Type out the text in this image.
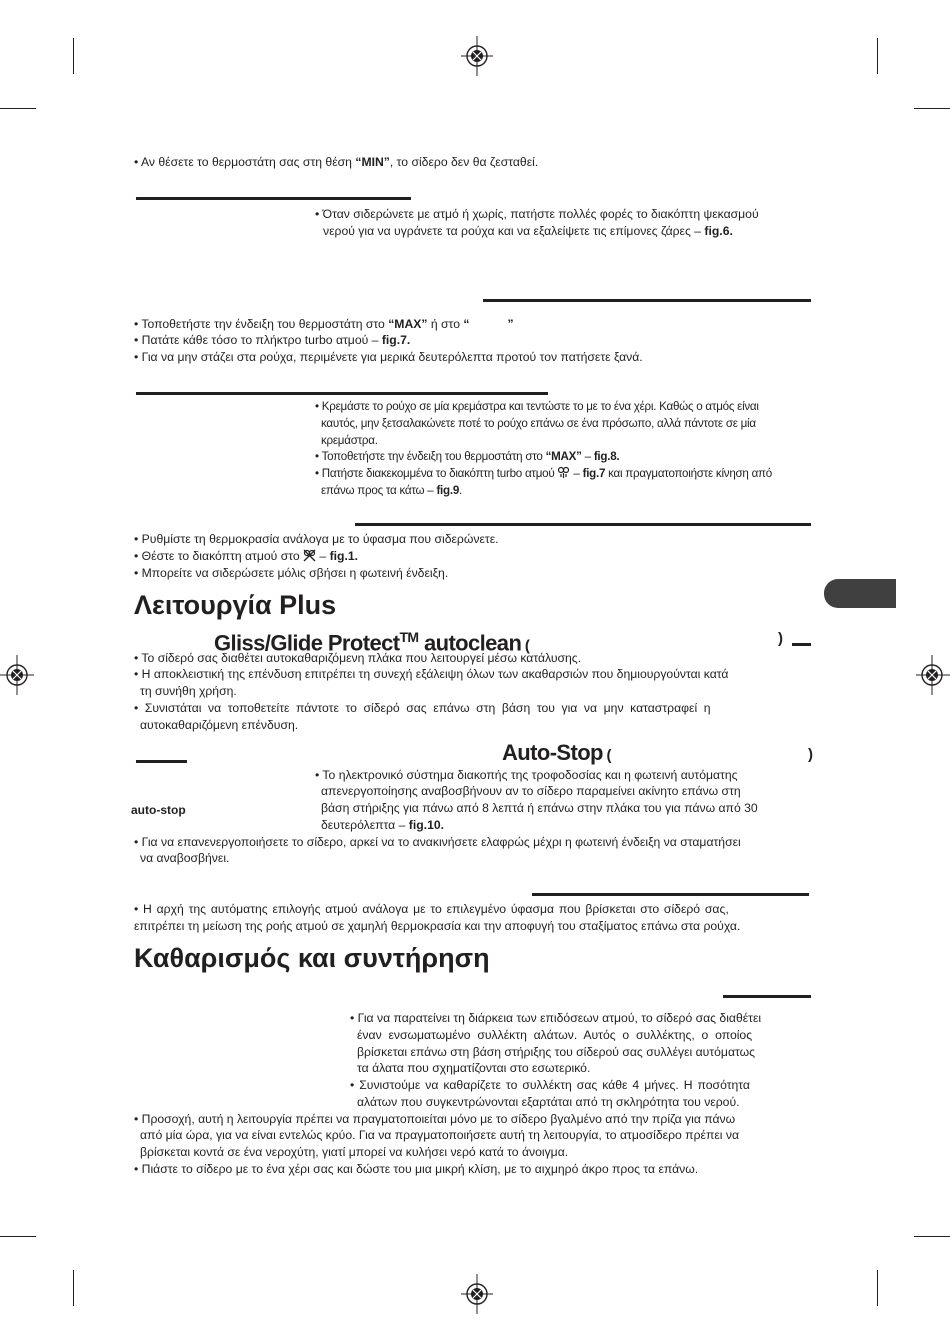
• Αν θέσετε το θερμοστάτη σας στη θέση “MIN”, το σίδερο δεν θα ζεσταθεί.
• Όταν σιδερώνετε με ατμό ή χωρίς, πατήστε πολλές φορές το διακόπτη ψεκασμού
νερού για να υγράνετε τα ρούχα και να εξαλείψετε τις επίμονες ζάρες – fig.6.
• Τοποθετήστε την ένδειξη του θερμοστάτη στο “MAX” ή στο “	”
• Πατάτε κάθε τόσο το πλήκτρο turbo ατμού – fig.7.
• Για να μην στάζει στα ρούχα, περιμένετε για μερικά δευτερόλεπτα προτού τον πατήσετε ξανά.
• Κρεμάστε το ρούχο σε μία κρεμάστρα και τεντώστε το με το ένα χέρι. Καθώς ο ατμός είναι
καυτός, μην ξετσαλακώνετε ποτέ το ρούχο επάνω σε ένα πρόσωπο, αλλά πάντοτε σε μία
κρεμάστρα.
• Τοποθετήστε την ένδειξη του θερμοστάτη στο “MAX” – fig.8.
• Πατήστε διακεκομμένα το διακόπτη turbo ατμού  – fig.7 και πραγματοποιήστε κίνηση από
επάνω προς τα κάτω – fig.9.
• Ρυθμίστε τη θερμοκρασία ανάλογα με το ύφασμα που σιδερώνετε.
• Θέστε το διακόπτη ατμού στο  – fig.1.
• Μπορείτε να σιδερώσετε μόλις σβήσει η φωτεινή ένδειξη.
Λειτουργία Plus
Gliss/Glide Protect™ autoclean (	)
• Το σίδερό σας διαθέτει αυτοκαθαριζόμενη πλάκα που λειτουργεί μέσω κατάλυσης.
• Η αποκλειστική της επένδυση επιτρέπει τη συνεχή εξάλειψη όλων των ακαθαρσιών που δημιουργούνται κατά
τη συνήθη χρήση.
• Συνιστάται να τοποθετείτε πάντοτε το σίδερό σας επάνω στη βάση του για να μην καταστραφεί η
αυτοκαθαριζόμενη επένδυση.
Auto-Stop (	)
auto-stop
• Το ηλεκτρονικό σύστημα διακοπής της τροφοδοσίας και η φωτεινή αυτόματης
απενεργοποίησης αναβοσβήνουν αν το σίδερο παραμείνει ακίνητο επάνω στη
βάση στήριξης για πάνω από 8 λεπτά ή επάνω στην πλάκα του για πάνω από 30
δευτερόλεπτα – fig.10.
• Για να επανενεργοποιήσετε το σίδερο, αρκεί να το ανακινήσετε ελαφρώς μέχρι η φωτεινή ένδειξη να σταματήσει
να αναβοσβήνει.
• Η αρχή της αυτόματης επιλογής ατμού ανάλογα με το επιλεγμένο ύφασμα που βρίσκεται στο σίδερό σας,
επιτρέπει τη μείωση της ροής ατμού σε χαμηλή θερμοκρασία και την αποφυγή του σταξίματος επάνω στα ρούχα.
Καθαρισμός και συντήρηση
• Για να παρατείνει τη διάρκεια των επιδόσεων ατμού, το σίδερό σας διαθέτει
έναν ενσωματωμένο συλλέκτη αλάτων. Αυτός ο συλλέκτης, ο οποίος
βρίσκεται επάνω στη βάση στήριξης του σίδερού σας συλλέγει αυτόματως
τα άλατα που σχηματίζονται στο εσωτερικό.
• Συνιστούμε να καθαρίζετε το συλλέκτη σας κάθε 4 μήνες. Η ποσότητα
αλάτων που συγκεντρώνονται εξαρτάται από τη σκληρότητα του νερού.
• Προσοχή, αυτή η λειτουργία πρέπει να πραγματοποιείται μόνο με το σίδερο βγαλμένο από την πρίζα για πάνω
από μία ώρα, για να είναι εντελώς κρύο. Για να πραγματοποιήσετε αυτή τη λειτουργία, το ατμοσίδερο πρέπει να
βρίσκεται κοντά σε ένα νεροχύτη, γιατί μπορεί να κυλήσει νερό κατά το άνοιγμα.
• Πιάστε το σίδερο με το ένα χέρι σας και δώστε του μια μικρή κλίση, με το αιχμηρό άκρο προς τα επάνω.
